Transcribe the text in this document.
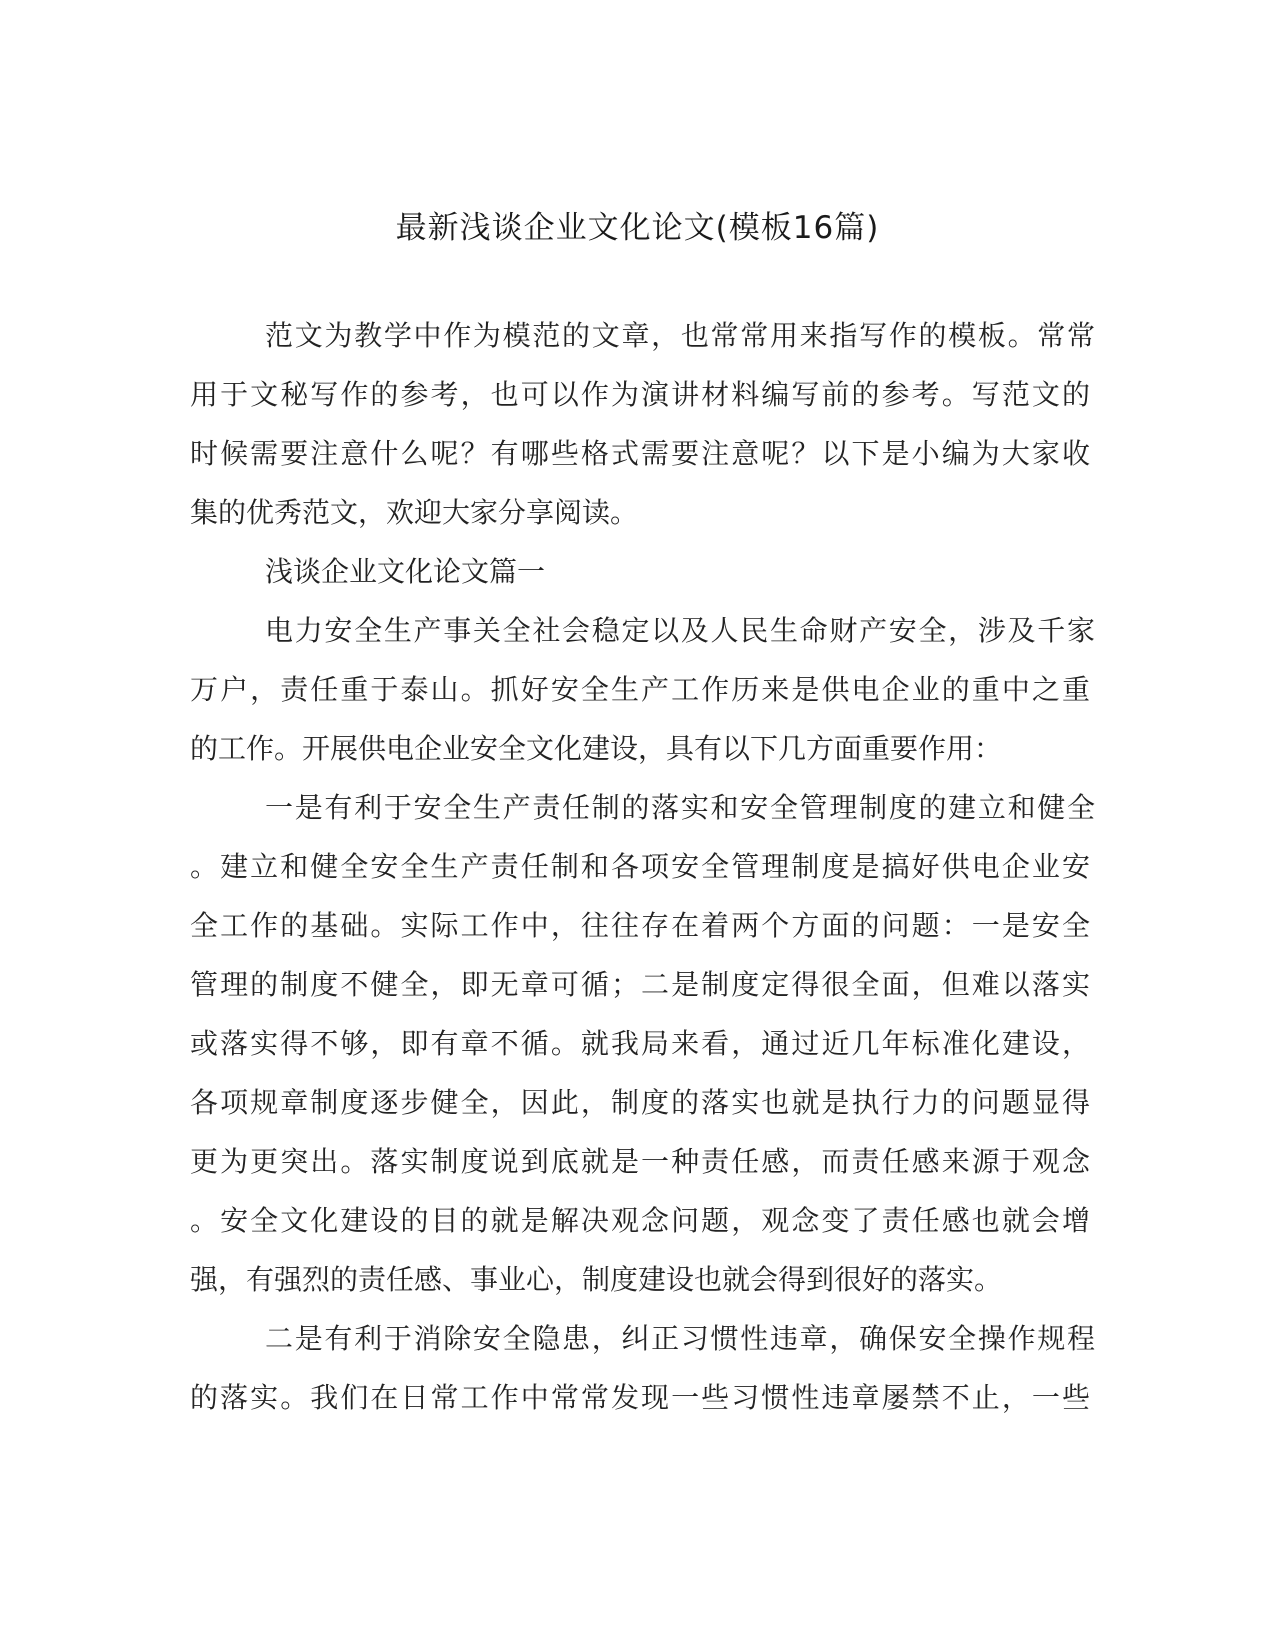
最新浅谈企业文化论文(模板16篇)

范文为教学中作为模范的文章，也常常用来指写作的模板。常常

用于文秘写作的参考，也可以作为演讲材料编写前的参考。写范文的

时候需要注意什么呢？有哪些格式需要注意呢？以下是小编为大家收

集的优秀范文，欢迎大家分享阅读。

浅谈企业文化论文篇一

电力安全生产事关全社会稳定以及人民生命财产安全，涉及千家

万户，责任重于泰山。抓好安全生产工作历来是供电企业的重中之重

的工作。开展供电企业安全文化建设，具有以下几方面重要作用：

一是有利于安全生产责任制的落实和安全管理制度的建立和健全

。建立和健全安全生产责任制和各项安全管理制度是搞好供电企业安

全工作的基础。实际工作中，往往存在着两个方面的问题：一是安全

管理的制度不健全，即无章可循；二是制度定得很全面，但难以落实

或落实得不够，即有章不循。就我局来看，通过近几年标准化建设，

各项规章制度逐步健全，因此，制度的落实也就是执行力的问题显得

更为更突出。落实制度说到底就是一种责任感，而责任感来源于观念

。安全文化建设的目的就是解决观念问题，观念变了责任感也就会增

强，有强烈的责任感、事业心，制度建设也就会得到很好的落实。

二是有利于消除安全隐患，纠正习惯性违章，确保安全操作规程

的落实。我们在日常工作中常常发现一些习惯性违章屡禁不止，一些
